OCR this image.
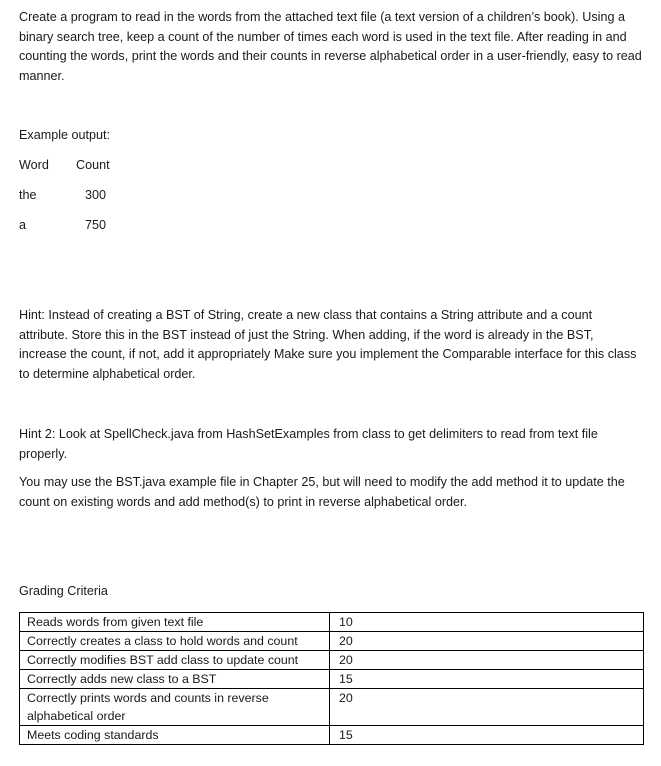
Create a program to read in the words from the attached text file (a text version of a children’s book). Using a binary search tree, keep a count of the number of times each word is used in the text file. After reading in and counting the words, print the words and their counts in reverse alphabetical order in a user-friendly, easy to read manner.

Example output:

Word Count

the	300

a	750

Hint: Instead of creating a BST of String, create a new class that contains a String attribute and a count attribute. Store this in the BST instead of just the String. When adding, if the word is already in the BST, increase the count, if not, add it appropriately Make sure you implement the Comparable interface for this class to determine alphabetical order.

Hint 2: Look at SpellCheck.java from HashSetExamples from class to get delimiters to read from text file properly.

You may use the BST.java example file in Chapter 25, but will need to modify the add method it to update the count on existing words and add method(s) to print in reverse alphabetical order.

Grading Criteria

Reads words from given text file	10
Correctly creates a class to hold words and count	20
Correctly modifies BST add class to update count	20
Correctly adds new class to a BST	15
Correctly prints words and counts in reverse alphabetical order	20
Meets coding standards	15
